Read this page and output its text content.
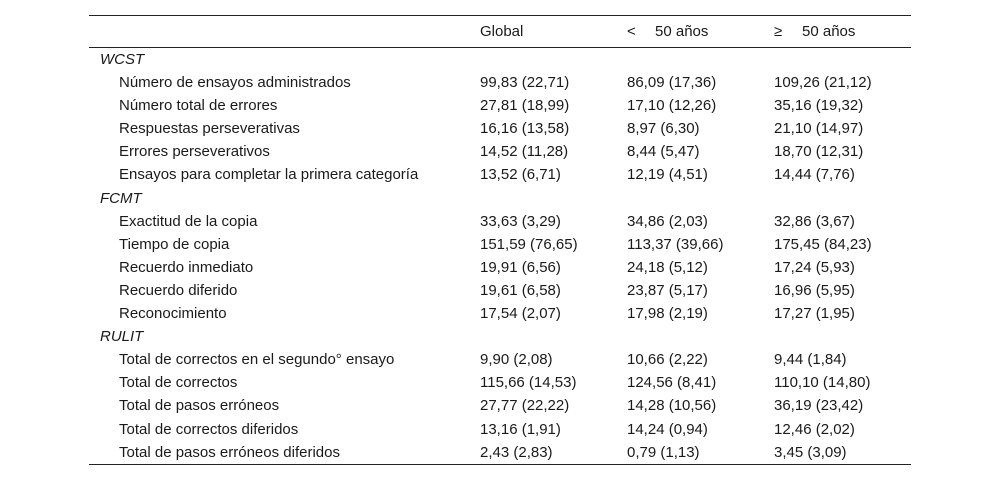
	Global	< 50 años	≥ 50 años
WCST			
Número de ensayos administrados	99,83 (22,71)	86,09 (17,36)	109,26 (21,12)
Número total de errores	27,81 (18,99)	17,10 (12,26)	35,16 (19,32)
Respuestas perseverativas	16,16 (13,58)	8,97 (6,30)	21,10 (14,97)
Errores perseverativos	14,52 (11,28)	8,44 (5,47)	18,70 (12,31)
Ensayos para completar la primera categoría	13,52 (6,71)	12,19 (4,51)	14,44 (7,76)
FCMT			
Exactitud de la copia	33,63 (3,29)	34,86 (2,03)	32,86 (3,67)
Tiempo de copia	151,59 (76,65)	113,37 (39,66)	175,45 (84,23)
Recuerdo inmediato	19,91 (6,56)	24,18 (5,12)	17,24 (5,93)
Recuerdo diferido	19,61 (6,58)	23,87 (5,17)	16,96 (5,95)
Reconocimiento	17,54 (2,07)	17,98 (2,19)	17,27 (1,95)
RULIT			
Total de correctos en el segundo° ensayo	9,90 (2,08)	10,66 (2,22)	9,44 (1,84)
Total de correctos	115,66 (14,53)	124,56 (8,41)	110,10 (14,80)
Total de pasos erróneos	27,77 (22,22)	14,28 (10,56)	36,19 (23,42)
Total de correctos diferidos	13,16 (1,91)	14,24 (0,94)	12,46 (2,02)
Total de pasos erróneos diferidos	2,43 (2,83)	0,79 (1,13)	3,45 (3,09)
